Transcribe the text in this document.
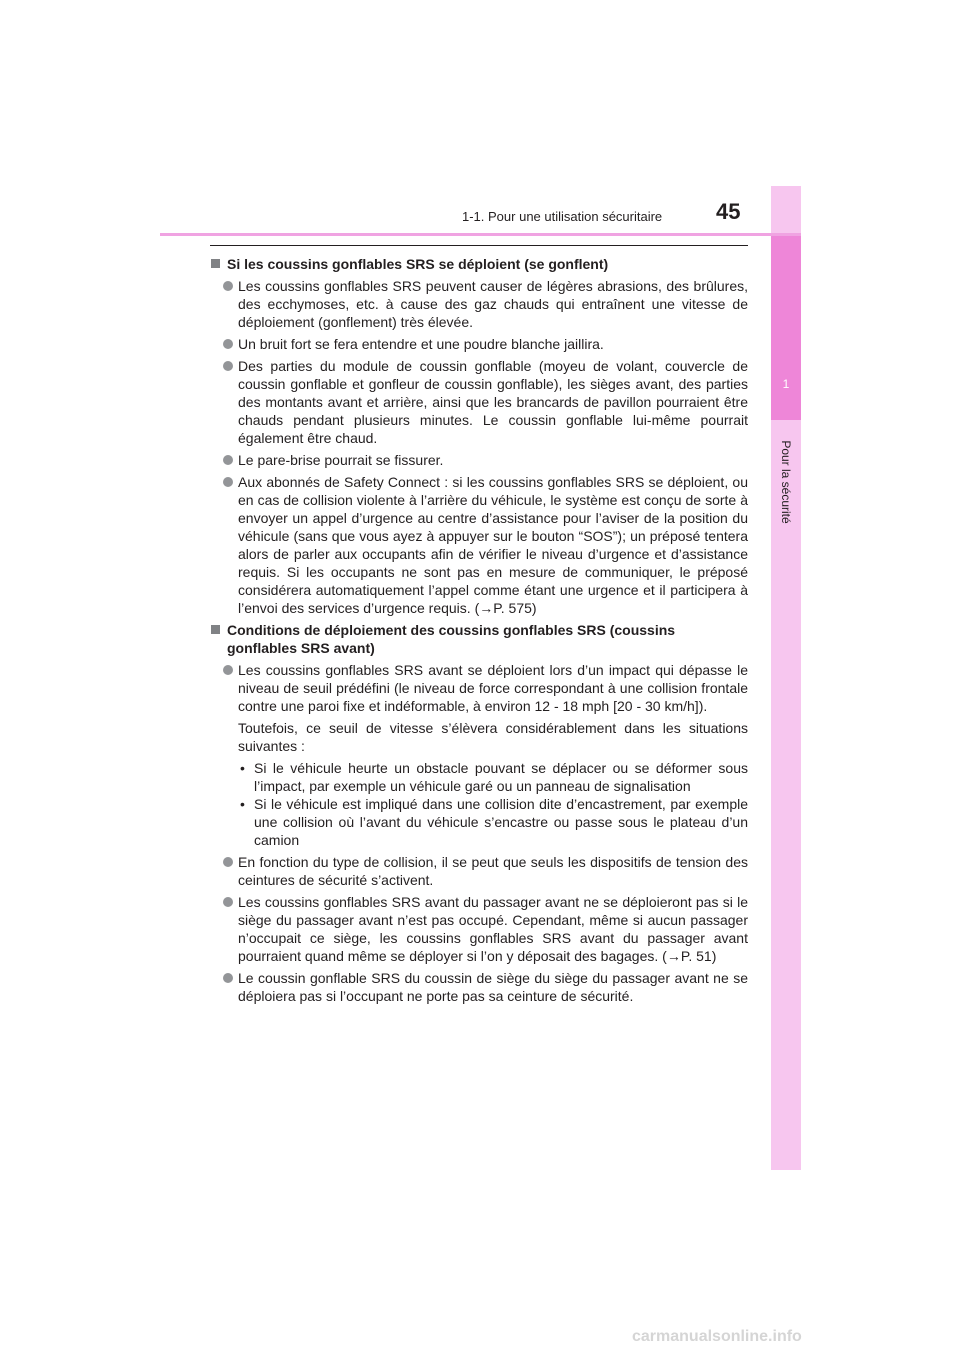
1
Pour la sécurité
1-1. Pour une utilisation sécuritaire 45
Si les coussins gonflables SRS se déploient (se gonflent)
Les coussins gonflables SRS peuvent causer de légères abrasions, des brûlures, des ecchymoses, etc. à cause des gaz chauds qui entraînent une vitesse de déploiement (gonflement) très élevée.
Un bruit fort se fera entendre et une poudre blanche jaillira.
Des parties du module de coussin gonflable (moyeu de volant, couvercle de coussin gonflable et gonfleur de coussin gonflable), les sièges avant, des parties des montants avant et arrière, ainsi que les brancards de pavillon pourraient être chauds pendant plusieurs minutes. Le coussin gonflable lui-même pourrait également être chaud.
Le pare-brise pourrait se fissurer.
Aux abonnés de Safety Connect : si les coussins gonflables SRS se déploient, ou en cas de collision violente à l’arrière du véhicule, le système est conçu de sorte à envoyer un appel d’urgence au centre d’assistance pour l’aviser de la position du véhicule (sans que vous ayez à appuyer sur le bouton “SOS”); un préposé tentera alors de parler aux occupants afin de vérifier le niveau d’urgence et d’assistance requis. Si les occupants ne sont pas en mesure de communiquer, le préposé considérera automatiquement l’appel comme étant une urgence et il participera à l’envoi des services d’urgence requis. (→P. 575)
Conditions de déploiement des coussins gonflables SRS (coussins gonflables SRS avant)
Les coussins gonflables SRS avant se déploient lors d’un impact qui dépasse le niveau de seuil prédéfini (le niveau de force correspondant à une collision frontale contre une paroi fixe et indéformable, à environ 12 - 18 mph [20 - 30 km/h]).
Toutefois, ce seuil de vitesse s’élèvera considérablement dans les situations suivantes :
• Si le véhicule heurte un obstacle pouvant se déplacer ou se déformer sous l’impact, par exemple un véhicule garé ou un panneau de signalisation
• Si le véhicule est impliqué dans une collision dite d’encastrement, par exemple une collision où l’avant du véhicule s’encastre ou passe sous le plateau d’un camion
En fonction du type de collision, il se peut que seuls les dispositifs de tension des ceintures de sécurité s’activent.
Les coussins gonflables SRS avant du passager avant ne se déploieront pas si le siège du passager avant n’est pas occupé. Cependant, même si aucun passager n’occupait ce siège, les coussins gonflables SRS avant du passager avant pourraient quand même se déployer si l’on y déposait des bagages. (→P. 51)
Le coussin gonflable SRS du coussin de siège du siège du passager avant ne se déploiera pas si l’occupant ne porte pas sa ceinture de sécurité.
carmanualsonline.info
